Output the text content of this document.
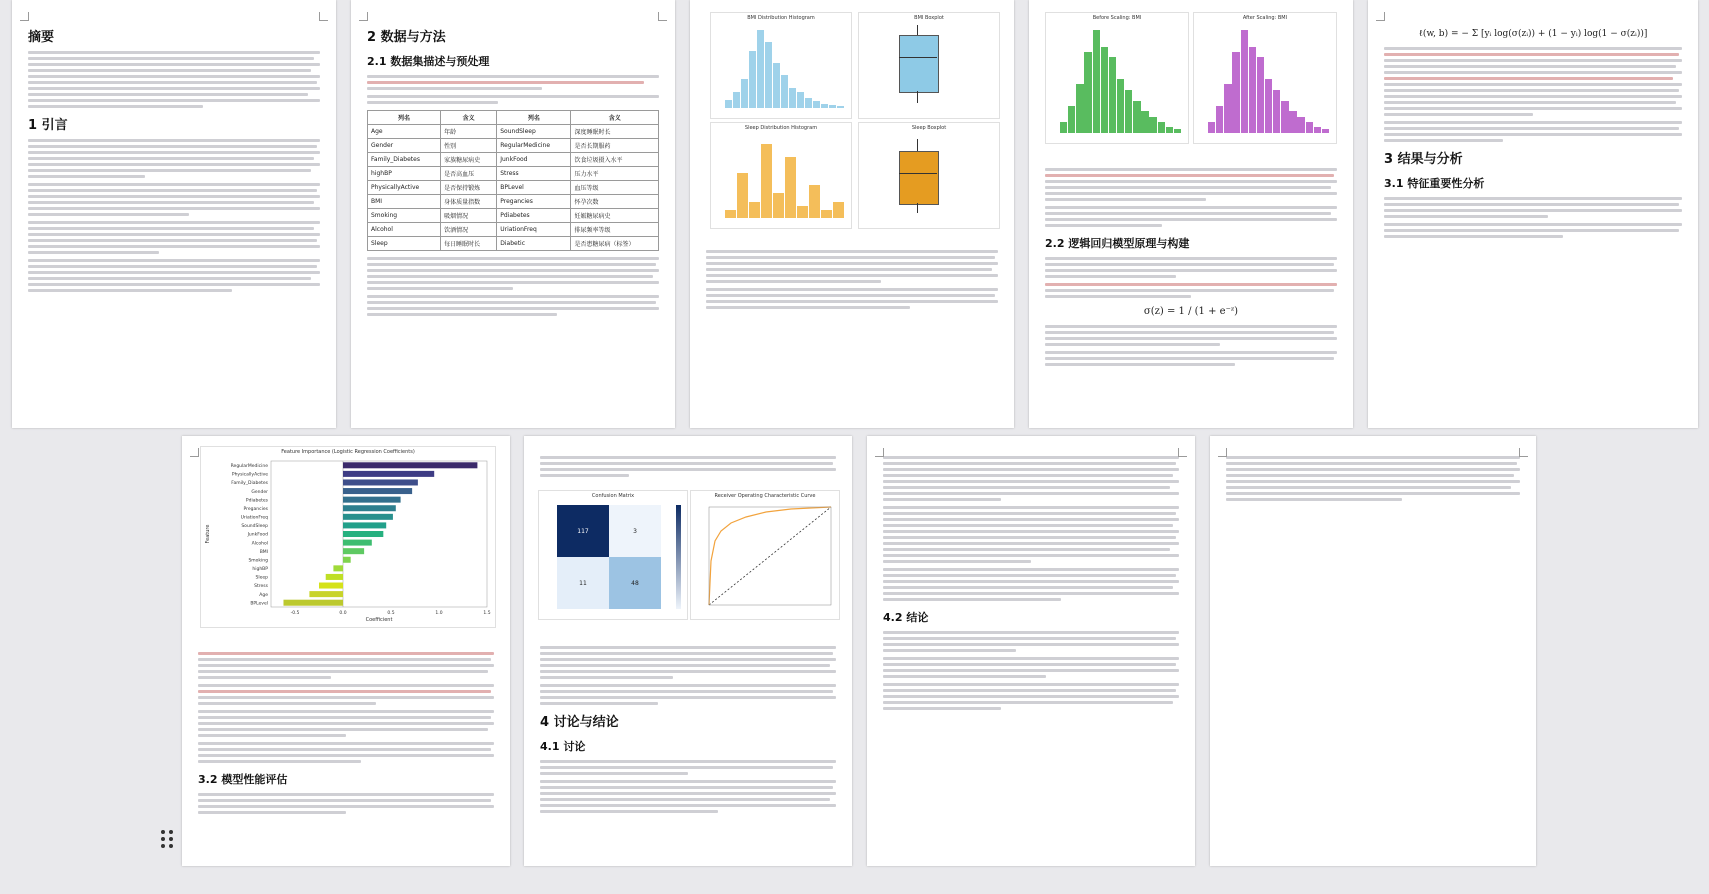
摘要
1 引言
2 数据与方法
2.1 数据集描述与预处理
列名	含义	列名	含义
Age	年龄	SoundSleep	深度睡眠时长
Gender	性别	RegularMedicine	是否长期服药
Family_Diabetes	家族糖尿病史	JunkFood	饮食垃圾摄入水平
highBP	是否高血压	Stress	压力水平
PhysicallyActive	是否保持锻炼	BPLevel	血压等级
BMI	身体质量指数	Pregancies	怀孕次数
Smoking	吸烟情况	Pdiabetes	妊娠糖尿病史
Alcohol	饮酒情况	UriationFreq	排尿频率等级
Sleep	每日睡眠时长	Diabetic	是否患糖尿病（标签）
BMI Distribution Histogram	BMI Boxplot
Sleep Distribution Histogram	Sleep Boxplot
Before Scaling: BMI	After Scaling: BMI
2.2 逻辑回归模型原理与构建
σ(z) = 1 / (1 + e⁻ᶻ)
ℓ(w, b) = − Σ [yᵢ log(σ(zᵢ)) + (1 − yᵢ) log(1 − σ(zᵢ))]
3 结果与分析
3.1 特征重要性分析
Feature Importance (Logistic Regression Coefficients)
RegularMedicine
PhysicallyActive
Family_Diabetes
Gender
Pdiabetes
Pregancies
UriationFreq
SoundSleep
JunkFood
Alcohol
BMI
Smoking
highBP
Sleep
Stress
Age
BPLevel
-0.5	0.0	0.5	1.0	1.5
Coefficient
Feature
3.2 模型性能评估
Confusion Matrix
117	3
11	48
Receiver Operating Characteristic Curve
4 讨论与结论
4.1 讨论
4.2 结论
